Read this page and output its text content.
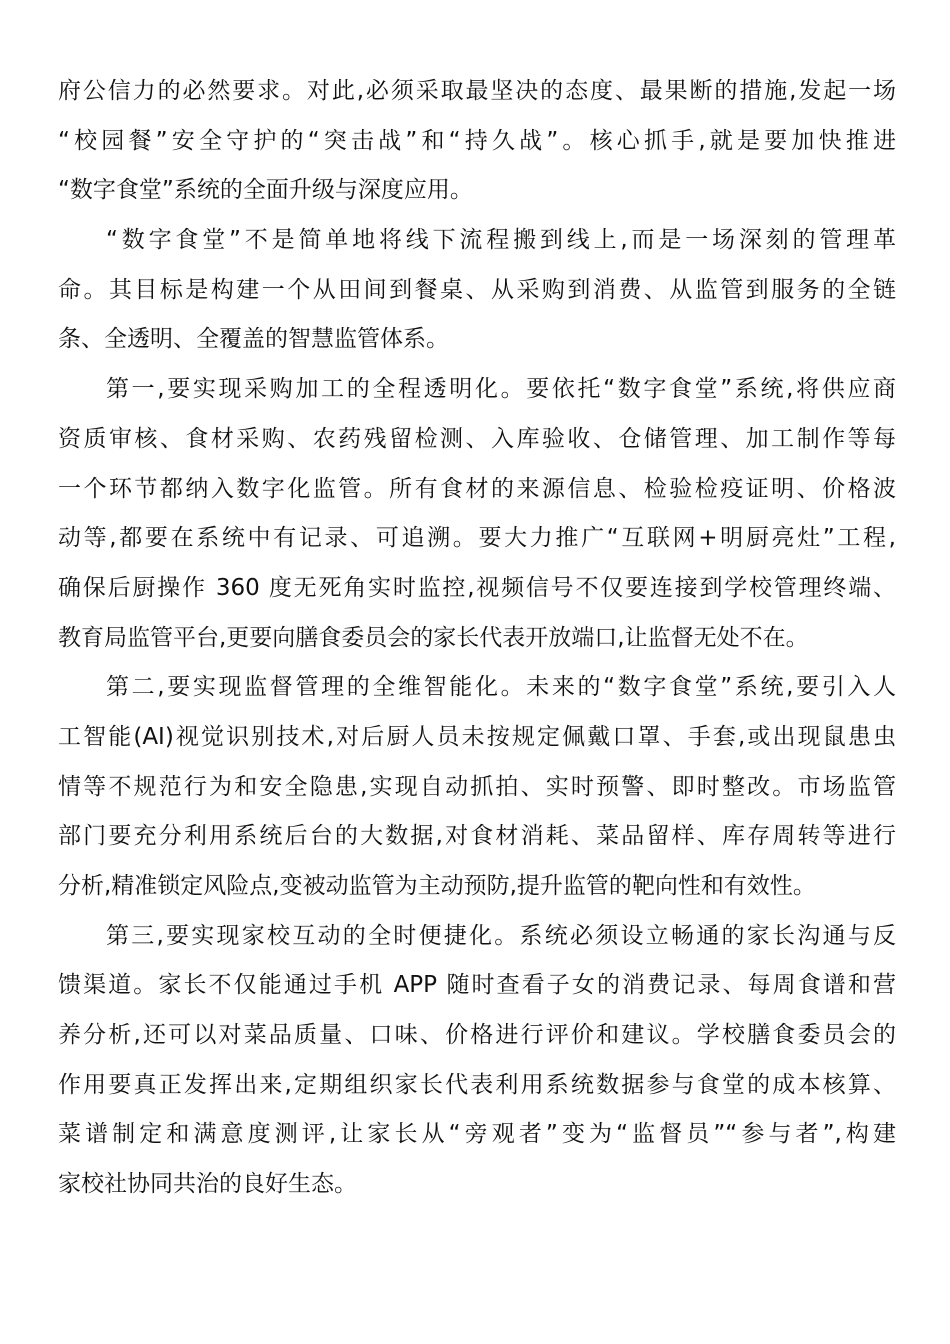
府公信力的必然要求。对此,必须采取最坚决的态度、最果断的措施,发起一场
“校园餐”安全守护的“突击战”和“持久战”。核心抓手,就是要加快推进
“数字食堂”系统的全面升级与深度应用。
“数字食堂”不是简单地将线下流程搬到线上,而是一场深刻的管理革
命。其目标是构建一个从田间到餐桌、从采购到消费、从监管到服务的全链
条、全透明、全覆盖的智慧监管体系。
第一,要实现采购加工的全程透明化。要依托“数字食堂”系统,将供应商
资质审核、食材采购、农药残留检测、入库验收、仓储管理、加工制作等每
一个环节都纳入数字化监管。所有食材的来源信息、检验检疫证明、价格波
动等,都要在系统中有记录、可追溯。要大力推广“互联网+明厨亮灶”工程,
确保后厨操作 360 度无死角实时监控,视频信号不仅要连接到学校管理终端、
教育局监管平台,更要向膳食委员会的家长代表开放端口,让监督无处不在。
第二,要实现监督管理的全维智能化。未来的“数字食堂”系统,要引入人
工智能(AI)视觉识别技术,对后厨人员未按规定佩戴口罩、手套,或出现鼠患虫
情等不规范行为和安全隐患,实现自动抓拍、实时预警、即时整改。市场监管
部门要充分利用系统后台的大数据,对食材消耗、菜品留样、库存周转等进行
分析,精准锁定风险点,变被动监管为主动预防,提升监管的靶向性和有效性。
第三,要实现家校互动的全时便捷化。系统必须设立畅通的家长沟通与反
馈渠道。家长不仅能通过手机 APP 随时查看子女的消费记录、每周食谱和营
养分析,还可以对菜品质量、口味、价格进行评价和建议。学校膳食委员会的
作用要真正发挥出来,定期组织家长代表利用系统数据参与食堂的成本核算、
菜谱制定和满意度测评,让家长从“旁观者”变为“监督员”“参与者”,构建
家校社协同共治的良好生态。
